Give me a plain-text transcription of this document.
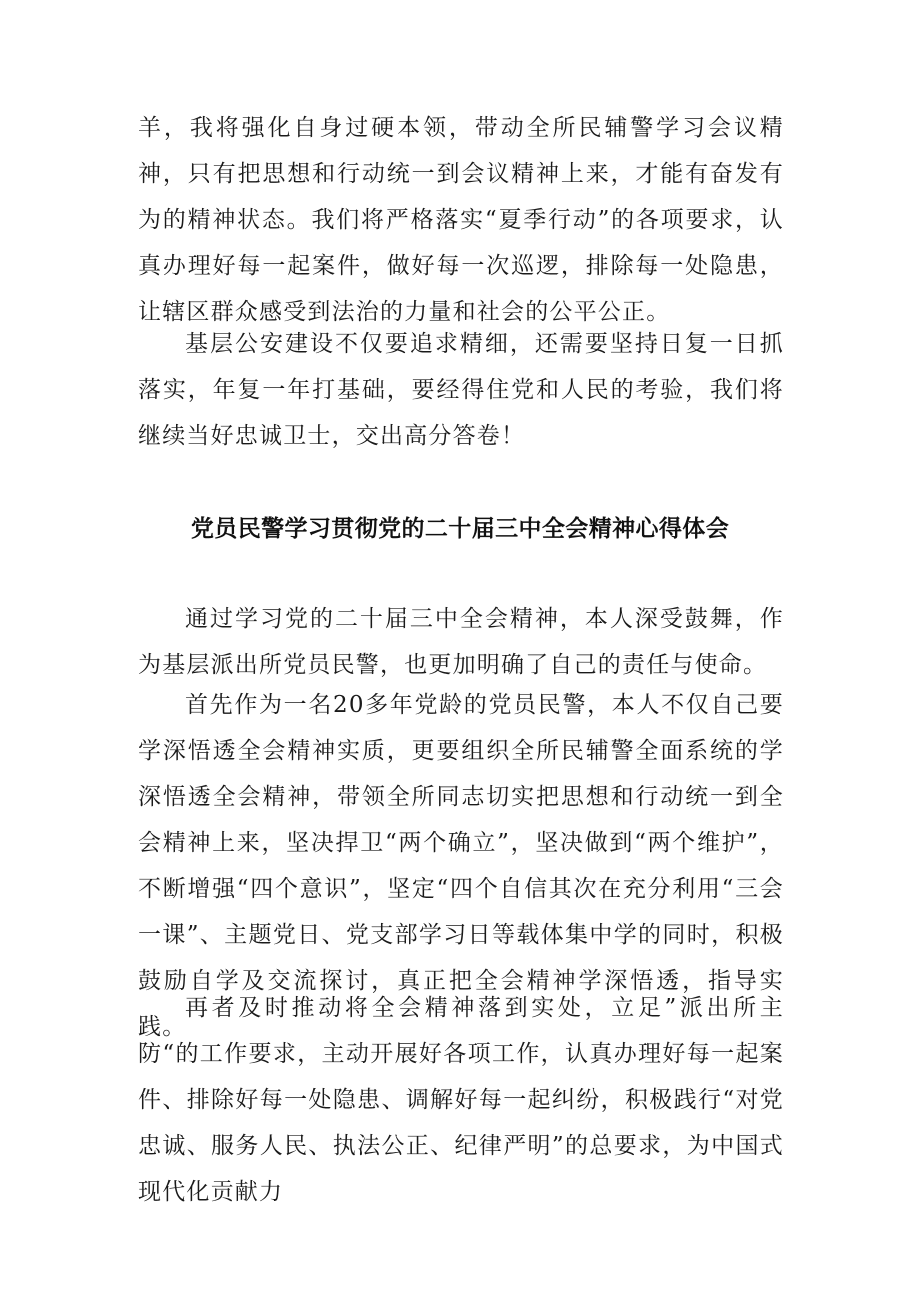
羊，我将强化自身过硬本领，带动全所民辅警学习会议精神，只有把思想和行动统一到会议精神上来，才能有奋发有为的精神状态。我们将严格落实“夏季行动”的各项要求，认真办理好每一起案件，做好每一次巡逻，排除每一处隐患，让辖区群众感受到法治的力量和社会的公平公正。

基层公安建设不仅要追求精细，还需要坚持日复一日抓落实，年复一年打基础，要经得住党和人民的考验，我们将继续当好忠诚卫士，交出高分答卷！

党员民警学习贯彻党的二十届三中全会精神心得体会

通过学习党的二十届三中全会精神，本人深受鼓舞，作为基层派出所党员民警，也更加明确了自己的责任与使命。

首先作为一名20多年党龄的党员民警，本人不仅自己要学深悟透全会精神实质，更要组织全所民辅警全面系统的学深悟透全会精神，带领全所同志切实把思想和行动统一到全会精神上来，坚决捍卫“两个确立”，坚决做到“两个维护”，不断增强“四个意识”，坚定“四个自信其次在充分利用“三会一课”、主题党日、党支部学习日等载体集中学的同时，积极鼓励自学及交流探讨，真正把全会精神学深悟透，指导实践。

再者及时推动将全会精神落到实处，立足”派出所主防“的工作要求，主动开展好各项工作，认真办理好每一起案件、排除好每一处隐患、调解好每一起纠纷，积极践行“对党忠诚、服务人民、执法公正、纪律严明”的总要求，为中国式现代化贡献力
